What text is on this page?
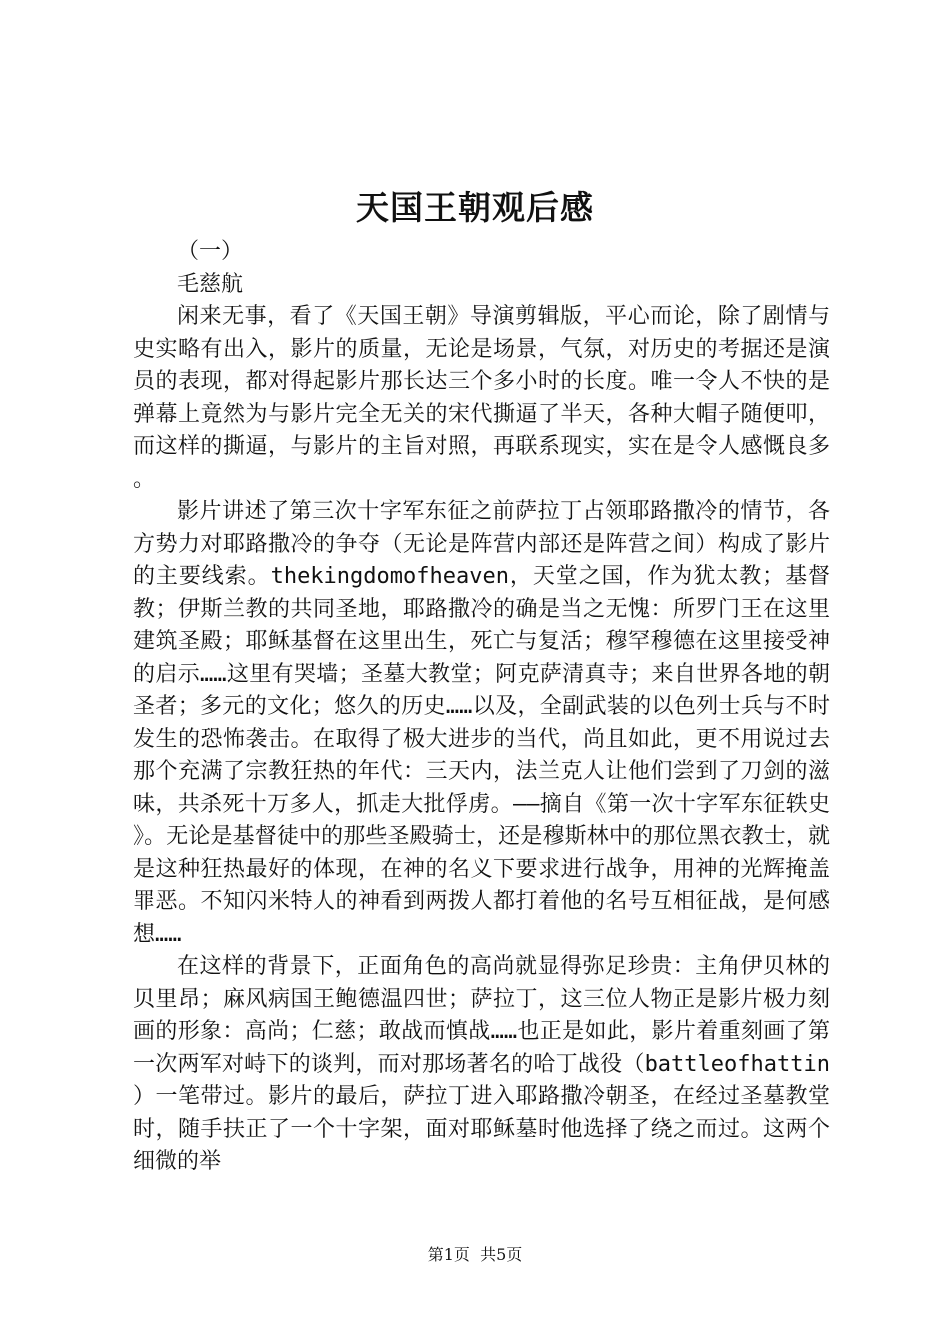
天国王朝观后感

（一）

毛慈航

闲来无事，看了《天国王朝》导演剪辑版，平心而论，除了剧情与史实略有出入，影片的质量，无论是场景，气氛，对历史的考据还是演员的表现，都对得起影片那长达三个多小时的长度。唯一令人不快的是弹幕上竟然为与影片完全无关的宋代撕逼了半天，各种大帽子随便叩，而这样的撕逼，与影片的主旨对照，再联系现实，实在是令人感慨良多。

影片讲述了第三次十字军东征之前萨拉丁占领耶路撒冷的情节，各方势力对耶路撒冷的争夺（无论是阵营内部还是阵营之间）构成了影片的主要线索。thekingdomofheaven，天堂之国，作为犹太教；基督教；伊斯兰教的共同圣地，耶路撒冷的确是当之无愧：所罗门王在这里建筑圣殿；耶稣基督在这里出生，死亡与复活；穆罕穆德在这里接受神的启示……这里有哭墙；圣墓大教堂；阿克萨清真寺；来自世界各地的朝圣者；多元的文化；悠久的历史……以及，全副武装的以色列士兵与不时发生的恐怖袭击。在取得了极大进步的当代，尚且如此，更不用说过去那个充满了宗教狂热的年代：三天内，法兰克人让他们尝到了刀剑的滋味，共杀死十万多人，抓走大批俘虏。——摘自《第一次十字军东征轶史》。无论是基督徒中的那些圣殿骑士，还是穆斯林中的那位黑衣教士，就是这种狂热最好的体现，在神的名义下要求进行战争，用神的光辉掩盖罪恶。不知闪米特人的神看到两拨人都打着他的名号互相征战，是何感想……

在这样的背景下，正面角色的高尚就显得弥足珍贵：主角伊贝林的贝里昂；麻风病国王鲍德温四世；萨拉丁，这三位人物正是影片极力刻画的形象：高尚；仁慈；敢战而慎战……也正是如此，影片着重刻画了第一次两军对峙下的谈判，而对那场著名的哈丁战役（battleofhattin）一笔带过。影片的最后，萨拉丁进入耶路撒冷朝圣，在经过圣墓教堂时，随手扶正了一个十字架，面对耶稣墓时他选择了绕之而过。这两个细微的举

第1页 共5页
